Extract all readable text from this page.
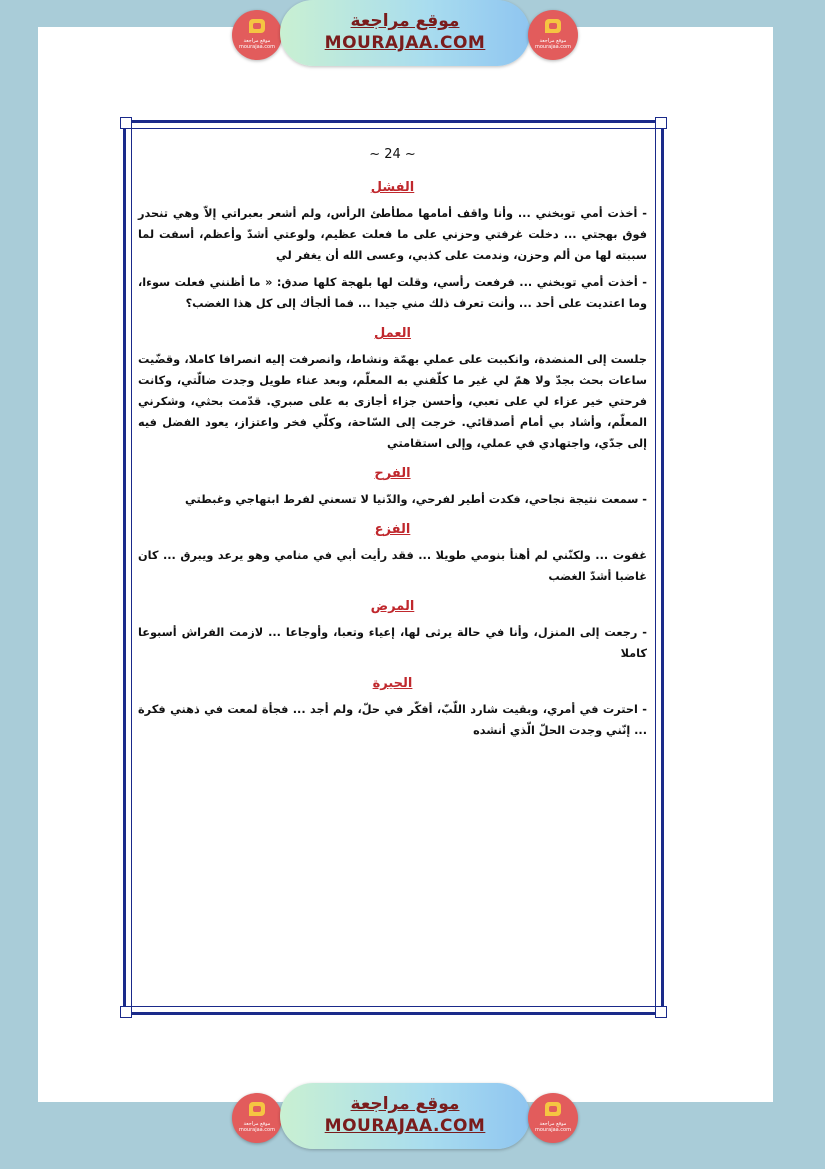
موقع مراجعة
mourajaa.com
موقع مراجعة
MOURAJAA.COM	موقع مراجعة
mourajaa.com
~ 24 ~
الفشل

- أخذت أمي توبخني ... وأنا واقف أمامها مطأطئ الرأس، ولم أشعر بعبراتي إلاّ وهي تنحدر فوق بهجتي ... دخلت غرفتي وحزني على ما فعلت عظيم، ولوعتي أشدّ وأعظم، أسفت لما سببته لها من ألم وحزن، وندمت على كذبي، وعسى الله أن يغفر لي

- أخذت أمي توبخني ... فرفعت رأسي، وقلت لها بلهجة كلها صدق: « ما أظنني فعلت سوءا، وما اعتديت على أحد ... وأنت تعرف ذلك مني جيدا ... فما ألجأك إلى كل هذا الغضب؟

العمل

جلست إلى المنضدة، وانكببت على عملي بهمّة ونشاط، وانصرفت إليه انصرافا كاملا، وقضّيت ساعات بحث بجدّ ولا همّ لي غير ما كلّفني به المعلّم، وبعد عناء طويل وجدت ضالّتي، وكانت فرحتي خير عزاء لي على تعبي، وأحسن جزاء أجازى به على صبري. قدّمت بحثي، وشكرني المعلّم، وأشاد بي أمام أصدقائي. خرجت إلى السّاحة، وكلّي فخر واعتزاز، يعود الفضل فيه إلى جدّي، واجتهادي في عملي، وإلى استقامتي

الفرح

- سمعت نتيجة نجاحي، فكدت أطير لفرحي، والدّنيا لا تسعني لفرط ابتهاجي وغبطتي

الفزع

غفوت ... ولكنّني لم أهنأ بنومي طويلا ... فقد رأيت أبي في منامي وهو يرعد ويبرق ... كان غاضبا أشدّ الغضب

المرض

- رجعت إلى المنزل، وأنا في حالة يرثى لها، إعياء وتعبا، وأوجاعا ... لازمت الفراش أسبوعا كاملا

الحيرة

- احترت في أمري، وبقيت شارد اللّبّ، أفكّر في حلّ، ولم أجد ... فجأة لمعت في ذهني فكرة ... إنّني وجدت الحلّ الّذي أنشده

موقع مراجعة
mourajaa.com
موقع مراجعة
MOURAJAA.COM	موقع مراجعة
mourajaa.com
